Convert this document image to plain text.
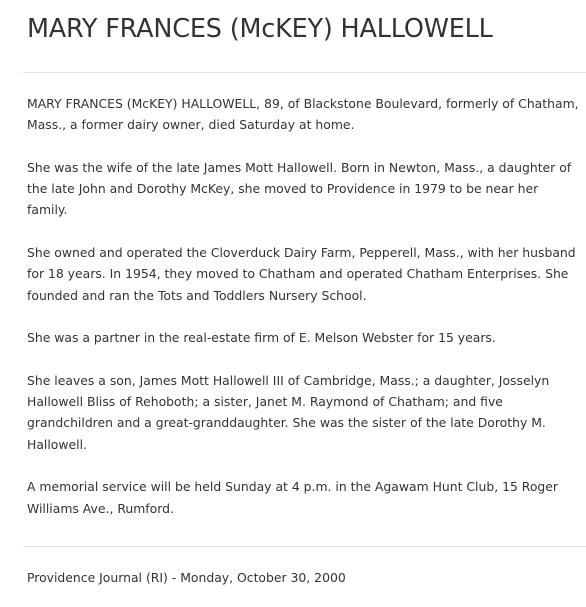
MARY FRANCES (McKEY) HALLOWELL

MARY FRANCES (McKEY) HALLOWELL, 89, of Blackstone Boulevard, formerly of Chatham, Mass., a former dairy owner, died Saturday at home.

She was the wife of the late James Mott Hallowell. Born in Newton, Mass., a daughter of the late John and Dorothy McKey, she moved to Providence in 1979 to be near her family.

She owned and operated the Cloverduck Dairy Farm, Pepperell, Mass., with her husband for 18 years. In 1954, they moved to Chatham and operated Chatham Enterprises. She founded and ran the Tots and Toddlers Nursery School.

She was a partner in the real-estate firm of E. Melson Webster for 15 years.

She leaves a son, James Mott Hallowell III of Cambridge, Mass.; a daughter, Josselyn Hallowell Bliss of Rehoboth; a sister, Janet M. Raymond of Chatham; and five grandchildren and a great-granddaughter. She was the sister of the late Dorothy M. Hallowell.

A memorial service will be held Sunday at 4 p.m. in the Agawam Hunt Club, 15 Roger Williams Ave., Rumford.

Providence Journal (RI) - Monday, October 30, 2000
